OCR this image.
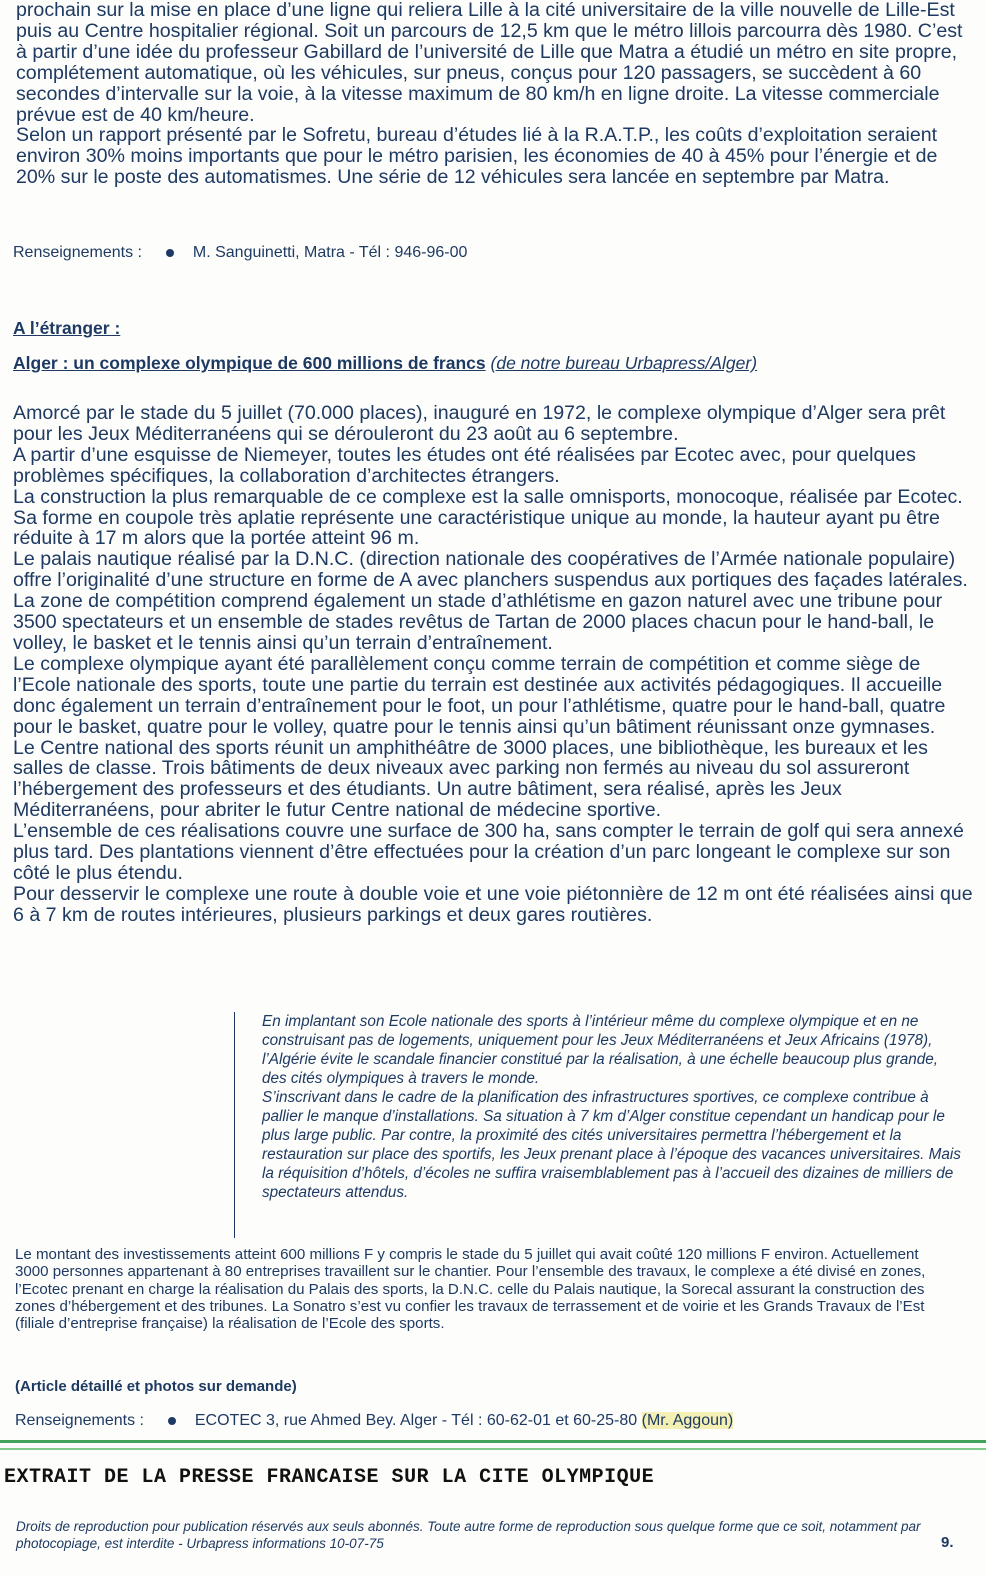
prochain sur la mise en place d’une ligne qui reliera Lille à la cité universitaire de la ville nouvelle de Lille-Est puis au Centre hospitalier régional. Soit un parcours de 12,5 km que le métro lillois parcourra dès 1980. C’est à partir d’une idée du professeur Gabillard de l’université de Lille que Matra a étudié un métro en site propre, complétement automatique, où les véhicules, sur pneus, conçus pour 120 passagers, se succèdent à 60 secondes d’intervalle sur la voie, à la vitesse maximum de 80 km/h en ligne droite. La vitesse commerciale prévue est de 40 km/heure.

Selon un rapport présenté par le Sofretu, bureau d’études lié à la R.A.T.P., les coûts d’exploitation seraient environ 30% moins importants que pour le métro parisien, les économies de 40 à 45% pour l’énergie et de 20% sur le poste des automatismes. Une série de 12 véhicules sera lancée en septembre par Matra.

Renseignements :	M. Sanguinetti, Matra - Tél : 946-96-00
A l’étranger :
Alger : un complexe olympique de 600 millions de francs (de notre bureau Urbapress/Alger)

Amorcé par le stade du 5 juillet (70.000 places), inauguré en 1972, le complexe olympique d’Alger sera prêt pour les Jeux Méditerranéens qui se dérouleront du 23 août au 6 septembre.

A partir d’une esquisse de Niemeyer, toutes les études ont été réalisées par Ecotec avec, pour quelques problèmes spécifiques, la collaboration d’architectes étrangers.

La construction la plus remarquable de ce complexe est la salle omnisports, monocoque, réalisée par Ecotec. Sa forme en coupole très aplatie représente une caractéristique unique au monde, la hauteur ayant pu être réduite à 17 m alors que la portée atteint 96 m.

Le palais nautique réalisé par la D.N.C. (direction nationale des coopératives de l’Armée nationale populaire) offre l’originalité d’une structure en forme de A avec planchers suspendus aux portiques des façades latérales.

La zone de compétition comprend également un stade d’athlétisme en gazon naturel avec une tribune pour 3500 spectateurs et un ensemble de stades revêtus de Tartan de 2000 places chacun pour le hand-ball, le volley, le basket et le tennis ainsi qu’un terrain d’entraînement.

Le complexe olympique ayant été parallèlement conçu comme terrain de compétition et comme siège de l’Ecole nationale des sports, toute une partie du terrain est destinée aux activités pédagogiques. Il accueille donc également un terrain d’entraînement pour le foot, un pour l’athlétisme, quatre pour le hand-ball, quatre pour le basket, quatre pour le volley, quatre pour le tennis ainsi qu’un bâtiment réunissant onze gymnases.

Le Centre national des sports réunit un amphithéâtre de 3000 places, une bibliothèque, les bureaux et les salles de classe. Trois bâtiments de deux niveaux avec parking non fermés au niveau du sol assureront l’hébergement des professeurs et des étudiants. Un autre bâtiment, sera réalisé, après les Jeux Méditerranéens, pour abriter le futur Centre national de médecine sportive.

L’ensemble de ces réalisations couvre une surface de 300 ha, sans compter le terrain de golf qui sera annexé plus tard. Des plantations viennent d’être effectuées pour la création d’un parc longeant le complexe sur son côté le plus étendu.

Pour desservir le complexe une route à double voie et une voie piétonnière de 12 m ont été réalisées ainsi que 6 à 7 km de routes intérieures, plusieurs parkings et deux gares routières.

En implantant son Ecole nationale des sports à l’intérieur même du complexe olympique et en ne construisant pas de logements, uniquement pour les Jeux Méditerranéens et Jeux Africains (1978), l’Algérie évite le scandale financier constitué par la réalisation, à une échelle beaucoup plus grande, des cités olympiques à travers le monde.

S’inscrivant dans le cadre de la planification des infrastructures sportives, ce complexe contribue à pallier le manque d’installations. Sa situation à 7 km d’Alger constitue cependant un handicap pour le plus large public. Par contre, la proximité des cités universitaires permettra l’hébergement et la restauration sur place des sportifs, les Jeux prenant place à l’époque des vacances universitaires. Mais la réquisition d’hôtels, d’écoles ne suffira vraisemblablement pas à l’accueil des dizaines de milliers de spectateurs attendus.

Le montant des investissements atteint 600 millions F y compris le stade du 5 juillet qui avait coûté 120 millions F environ. Actuellement 3000 personnes appartenant à 80 entreprises travaillent sur le chantier. Pour l’ensemble des travaux, le complexe a été divisé en zones, l’Ecotec prenant en charge la réalisation du Palais des sports, la D.N.C. celle du Palais nautique, la Sorecal assurant la construction des zones d’hébergement et des tribunes. La Sonatro s’est vu confier les travaux de terrassement et de voirie et les Grands Travaux de l’Est (filiale d’entreprise française) la réalisation de l’Ecole des sports.
(Article détaillé et photos sur demande)
Renseignements :	ECOTEC 3, rue Ahmed Bey. Alger - Tél : 60-62-01 et 60-25-80 (Mr. Aggoun)
EXTRAIT DE LA PRESSE FRANCAISE SUR LA CITE OLYMPIQUE
Droits de reproduction pour publication réservés aux seuls abonnés. Toute autre forme de reproduction sous quelque forme que ce soit, notamment par photocopiage, est interdite - Urbapress informations 10-07-75	9.
